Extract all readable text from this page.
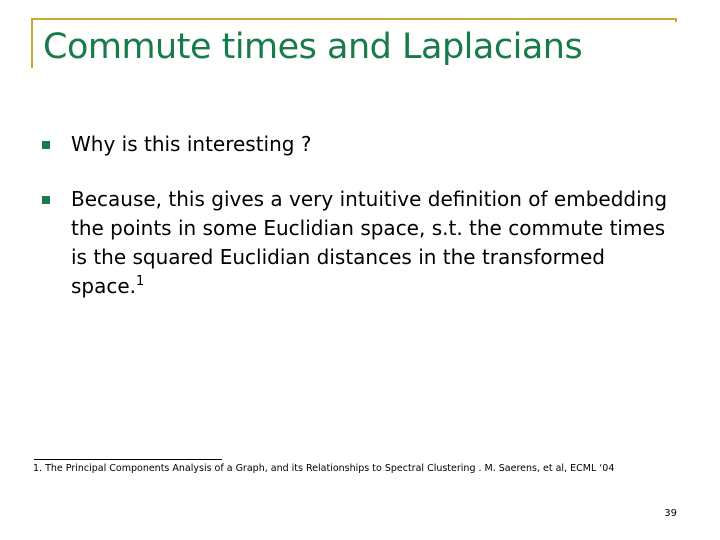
Commute times and Laplacians
Why is this interesting ?
Because, this gives a very intuitive definition of embedding the points in some Euclidian space, s.t. the commute times is the squared Euclidian distances in the transformed space.$^1$
1. The Principal Components Analysis of a Graph, and its Relationships to Spectral Clustering . M. Saerens, et al, ECML ‘04
39
